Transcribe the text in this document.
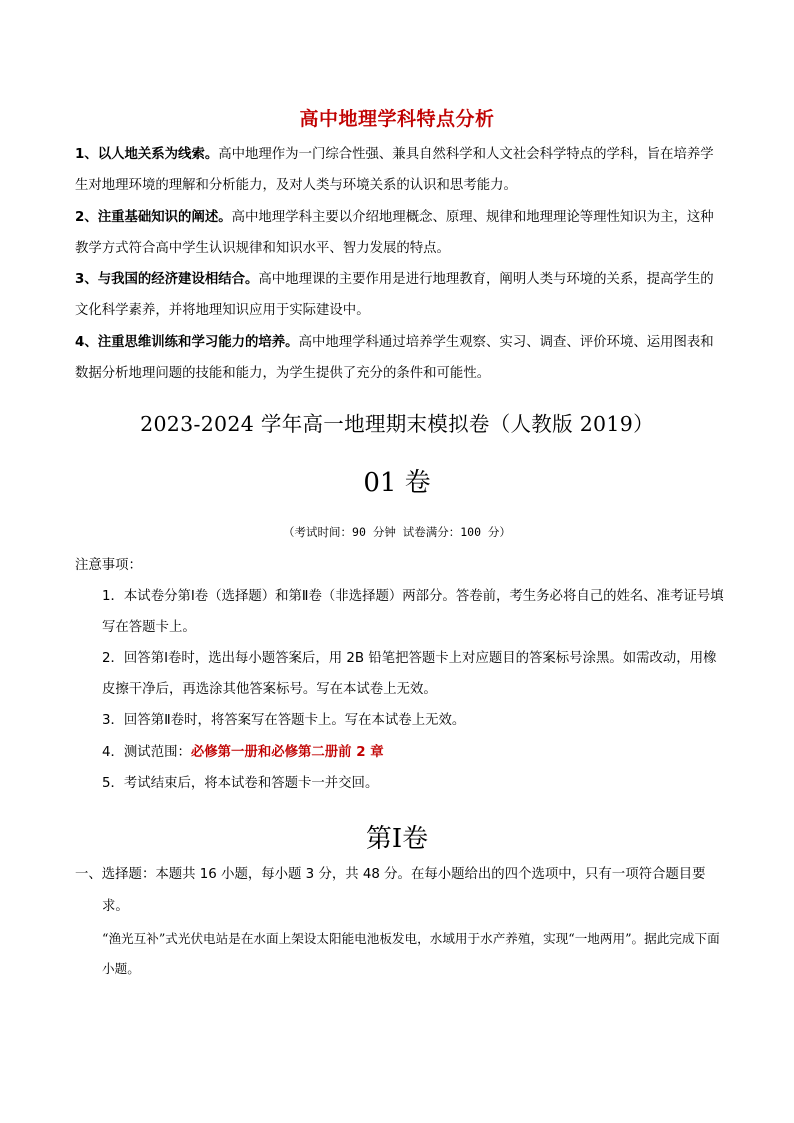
高中地理学科特点分析

1、以人地关系为线索。高中地理作为一门综合性强、兼具自然科学和人文社会科学特点的学科，旨在培养学生对地理环境的理解和分析能力，及对人类与环境关系的认识和思考能力。

2、注重基础知识的阐述。高中地理学科主要以介绍地理概念、原理、规律和地理理论等理性知识为主，这种教学方式符合高中学生认识规律和知识水平、智力发展的特点。

3、与我国的经济建设相结合。高中地理课的主要作用是进行地理教育，阐明人类与环境的关系，提高学生的文化科学素养，并将地理知识应用于实际建设中。

4、注重思维训练和学习能力的培养。高中地理学科通过培养学生观察、实习、调查、评价环境、运用图表和数据分析地理问题的技能和能力，为学生提供了充分的条件和可能性。

2023-2024 学年高一地理期末模拟卷（人教版 2019）
01 卷
（考试时间：90 分钟 试卷满分：100 分）

注意事项：

1．本试卷分第Ⅰ卷（选择题）和第Ⅱ卷（非选择题）两部分。答卷前，考生务必将自己的姓名、准考证号填写在答题卡上。

2．回答第Ⅰ卷时，选出每小题答案后，用 2B 铅笔把答题卡上对应题目的答案标号涂黑。如需改动，用橡皮擦干净后，再选涂其他答案标号。写在本试卷上无效。

3．回答第Ⅱ卷时，将答案写在答题卡上。写在本试卷上无效。

4．测试范围：必修第一册和必修第二册前 2 章

5．考试结束后，将本试卷和答题卡一并交回。

第Ⅰ卷
一、选择题：本题共 16 小题，每小题 3 分，共 48 分。在每小题给出的四个选项中，只有一项符合题目要
求。
“渔光互补”式光伏电站是在水面上架设太阳能电池板发电，水域用于水产养殖，实现“一地两用”。据此完成下面小题。
